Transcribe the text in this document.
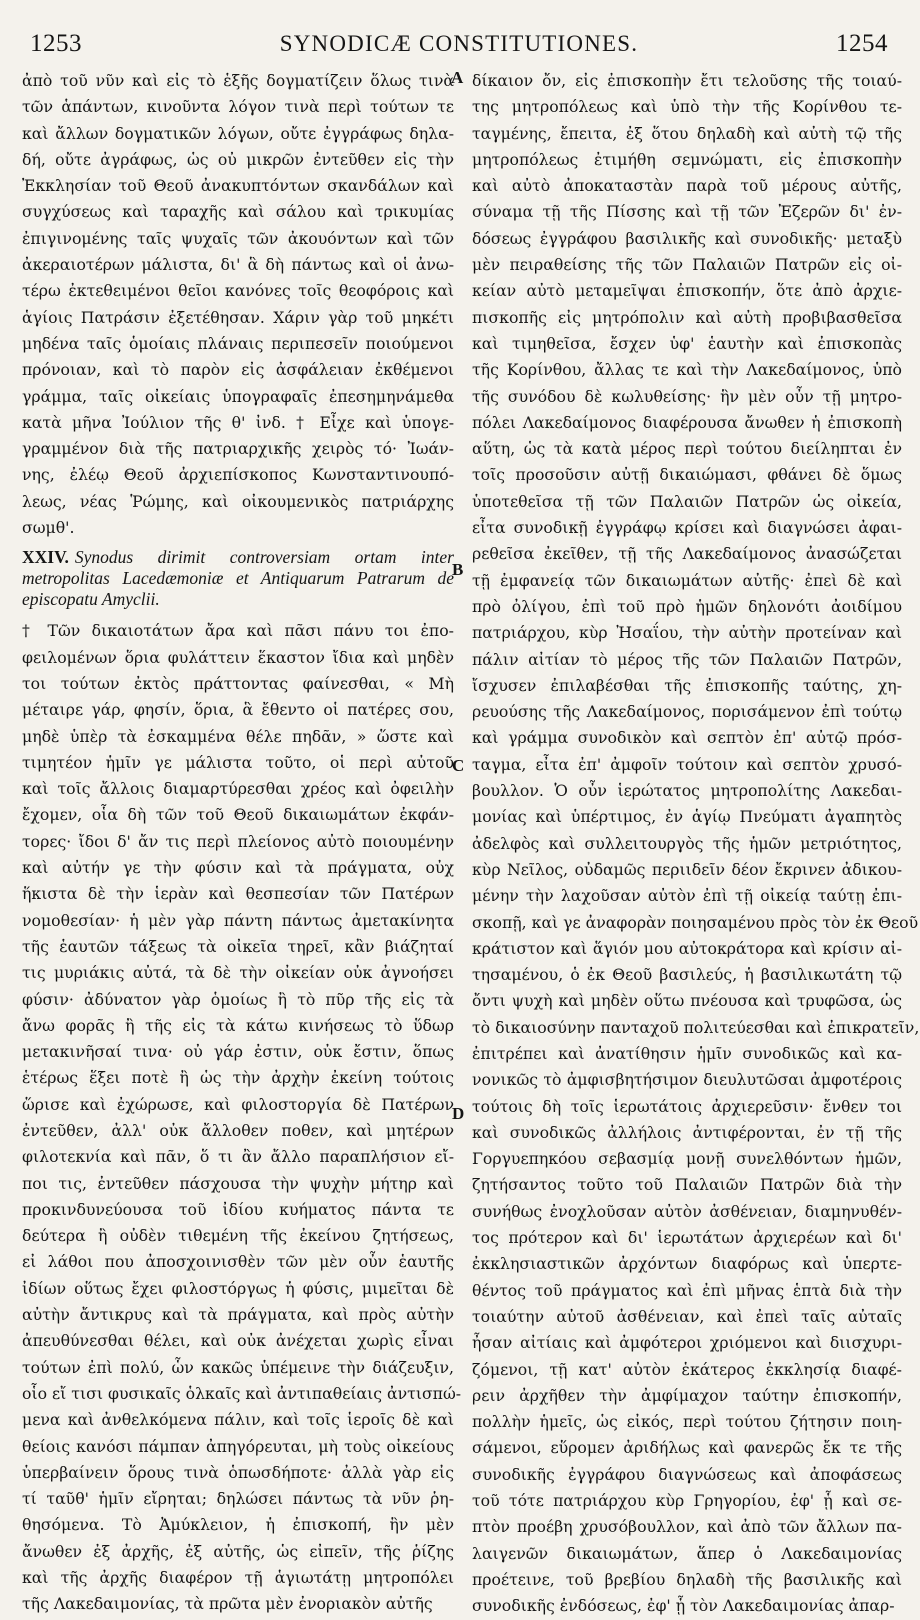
1253	SYNODICÆ CONSTITUTIONES.	1254
ἀπὸ τοῦ νῦν καὶ εἰς τὸ ἑξῆς δογματίζειν ὅλως τινὰ
τῶν ἁπάντων, κινοῦντα λόγον τινὰ περὶ τούτων τε
καὶ ἄλλων δογματικῶν λόγων, οὔτε ἐγγράφως δηλα-
δή, οὔτε ἀγράφως, ὡς οὐ μικρῶν ἐντεῦθεν εἰς τὴν
Ἐκκλησίαν τοῦ Θεοῦ ἀνακυπτόντων σκανδάλων καὶ
συγχύσεως καὶ ταραχῆς καὶ σάλου καὶ τρικυμίας
ἐπιγινομένης ταῖς ψυχαῖς τῶν ἀκουόντων καὶ τῶν
ἀκεραιοτέρων μάλιστα, δι' ἃ δὴ πάντως καὶ οἱ ἀνω-
τέρω ἐκτεθειμένοι θεῖοι κανόνες τοῖς θεοφόροις καὶ
ἁγίοις Πατράσιν ἐξετέθησαν. Χάριν γὰρ τοῦ μηκέτι
μηδένα ταῖς ὁμοίαις πλάναις περιπεσεῖν ποιούμενοι
πρόνοιαν, καὶ τὸ παρὸν εἰς ἀσφάλειαν ἐκθέμενοι
γράμμα, ταῖς οἰκείαις ὑπογραφαῖς ἐπεσημηνάμεθα
κατὰ μῆνα Ἰούλιον τῆς θ' ἰνδ. † Εἶχε καὶ ὑπογε-
γραμμένον διὰ τῆς πατριαρχικῆς χειρὸς τό· Ἰωάν-
νης, ἐλέῳ Θεοῦ ἀρχιεπίσκοπος Κωνσταντινουπό-
λεως, νέας Ῥώμης, καὶ οἰκουμενικὸς πατριάρχης
σωμθ'.
XXIV. Synodus dirimit controversiam ortam inter metropolitas Lacedæmoniæ et Antiquarum Patrarum de episcopatu Amyclii.
† Τῶν δικαιοτάτων ἄρα καὶ πᾶσι πάνυ τοι ἐπο-
φειλομένων ὅρια φυλάττειν ἕκαστον ἴδια καὶ μηδὲν
τοι τούτων ἐκτὸς πράττοντας φαίνεσθαι, « Μὴ
μέταιρε γάρ, φησίν, ὅρια, ἃ ἔθεντο οἱ πατέρες σου,
μηδὲ ὑπὲρ τὰ ἐσκαμμένα θέλε πηδᾶν, » ὥστε καὶ
τιμητέον ἡμῖν γε μάλιστα τοῦτο, οἱ περὶ αὐτοῦ
καὶ τοῖς ἄλλοις διαμαρτύρεσθαι χρέος καὶ ὀφειλὴν
ἔχομεν, οἷα δὴ τῶν τοῦ Θεοῦ δικαιωμάτων ἐκφάν-
τορες· ἴδοι δ' ἄν τις περὶ πλείονος αὐτὸ ποιουμένην
καὶ αὐτήν γε τὴν φύσιν καὶ τὰ πράγματα, οὐχ
ἥκιστα δὲ τὴν ἱερὰν καὶ θεσπεσίαν τῶν Πατέρων
νομοθεσίαν· ἡ μὲν γὰρ πάντη πάντως ἀμετακίνητα
τῆς ἑαυτῶν τάξεως τὰ οἰκεῖα τηρεῖ, κἂν βιάζηταί
τις μυριάκις αὐτά, τὰ δὲ τὴν οἰκείαν οὐκ ἀγνοήσει
φύσιν· ἀδύνατον γὰρ ὁμοίως ἢ τὸ πῦρ τῆς εἰς τὰ
ἄνω φορᾶς ἢ τῆς εἰς τὰ κάτω κινήσεως τὸ ὕδωρ
μετακινῆσαί τινα· οὐ γάρ ἐστιν, οὐκ ἔστιν, ὅπως
ἑτέρως ἕξει ποτὲ ἢ ὡς τὴν ἀρχὴν ἐκείνη τούτοις
ὥρισε καὶ ἐχώρωσε, καὶ φιλοστοργία δὲ Πατέρων
ἐντεῦθεν, ἀλλ' οὐκ ἄλλοθεν ποθεν, καὶ μητέρων
φιλοτεκνία καὶ πᾶν, ὅ τι ἂν ἄλλο παραπλήσιον εἴ-
ποι τις, ἐντεῦθεν πάσχουσα τὴν ψυχὴν μήτηρ καὶ
προκινδυνεύουσα τοῦ ἰδίου κυήματος πάντα τε
δεύτερα ἢ οὐδὲν τιθεμένη τῆς ἐκείνου ζητήσεως,
εἰ λάθοι που ἀποσχοινισθὲν τῶν μὲν οὖν ἑαυτῆς
ἰδίων οὕτως ἔχει φιλοστόργως ἡ φύσις, μιμεῖται δὲ
αὐτὴν ἄντικρυς καὶ τὰ πράγματα, καὶ πρὸς αὐτὴν
ἀπευθύνεσθαι θέλει, καὶ οὐκ ἀνέχεται χωρὶς εἶναι
τούτων ἐπὶ πολύ, ὧν κακῶς ὑπέμεινε τὴν διάζευξιν,
οἷο εἴ τισι φυσικαῖς ὁλκαῖς καὶ ἀντιπαθείαις ἀντισπώ-
μενα καὶ ἀνθελκόμενα πάλιν, καὶ τοῖς ἱεροῖς δὲ καὶ
θείοις κανόσι πάμπαν ἀπηγόρευται, μὴ τοὺς οἰκείους
ὑπερβαίνειν ὅρους τινὰ ὁπωσδήποτε· ἀλλὰ γὰρ εἰς
τί ταῦθ' ἡμῖν εἴρηται; δηλώσει πάντως τὰ νῦν ῥη-
θησόμενα. Τὸ Ἀμύκλειον, ἡ ἐπισκοπή, ἣν μὲν
ἄνωθεν ἐξ ἀρχῆς, ἐξ αὐτῆς, ὡς εἰπεῖν, τῆς ῥίζης
καὶ τῆς ἀρχῆς διαφέρον τῇ ἁγιωτάτῃ μητροπόλει
τῆς Λακεδαιμονίας, τὰ πρῶτα μὲν ἐνοριακὸν αὐτῆς
δίκαιον ὄν, εἰς ἐπισκοπὴν ἔτι τελοῦσης τῆς τοιαύ-
της μητροπόλεως καὶ ὑπὸ τὴν τῆς Κορίνθου τε-
ταγμένης, ἔπειτα, ἐξ ὅτου δηλαδὴ καὶ αὐτὴ τῷ τῆς
μητροπόλεως ἐτιμήθη σεμνώματι, εἰς ἐπισκοπὴν
καὶ αὐτὸ ἀποκαταστὰν παρὰ τοῦ μέρους αὐτῆς,
σύναμα τῇ τῆς Πίσσης καὶ τῇ τῶν Ἐζερῶν δι' ἐν-
δόσεως ἐγγράφου βασιλικῆς καὶ συνοδικῆς· μεταξὺ
μὲν πειραθείσης τῆς τῶν Παλαιῶν Πατρῶν εἰς οἰ-
κείαν αὐτὸ μεταμεῖψαι ἐπισκοπήν, ὅτε ἀπὸ ἀρχιε-
πισκοπῆς εἰς μητρόπολιν καὶ αὐτὴ προβιβασθεῖσα
καὶ τιμηθεῖσα, ἔσχεν ὑφ' ἑαυτὴν καὶ ἐπισκοπὰς
τῆς Κορίνθου, ἄλλας τε καὶ τὴν Λακεδαίμονος, ὑπὸ
τῆς συνόδου δὲ κωλυθείσης· ἣν μὲν οὖν τῇ μητρο-
πόλει Λακεδαίμονος διαφέρουσα ἄνωθεν ἡ ἐπισκοπὴ
αὕτη, ὡς τὰ κατὰ μέρος περὶ τούτου διείληπται ἐν
τοῖς προσοῦσιν αὐτῇ δικαιώμασι, φθάνει δὲ ὅμως
ὑποτεθεῖσα τῇ τῶν Παλαιῶν Πατρῶν ὡς οἰκεία,
εἶτα συνοδικῇ ἐγγράφῳ κρίσει καὶ διαγνώσει ἀφαι-
ρεθεῖσα ἐκεῖθεν, τῇ τῆς Λακεδαίμονος ἀνασώζεται
τῇ ἐμφανείᾳ τῶν δικαιωμάτων αὐτῆς· ἐπεὶ δὲ καὶ
πρὸ ὀλίγου, ἐπὶ τοῦ πρὸ ἡμῶν δηλονότι ἀοιδίμου
πατριάρχου, κὺρ Ἠσαΐου, τὴν αὐτὴν προτείναν καὶ
πάλιν αἰτίαν τὸ μέρος τῆς τῶν Παλαιῶν Πατρῶν,
ἴσχυσεν ἐπιλαβέσθαι τῆς ἐπισκοπῆς ταύτης, χη-
ρευούσης τῆς Λακεδαίμονος, πορισάμενον ἐπὶ τούτῳ
καὶ γράμμα συνοδικὸν καὶ σεπτὸν ἐπ' αὐτῷ πρόσ-
ταγμα, εἶτα ἐπ' ἀμφοῖν τούτοιν καὶ σεπτὸν χρυσό-
βουλλον. Ὁ οὖν ἱερώτατος μητροπολίτης Λακεδαι-
μονίας καὶ ὑπέρτιμος, ἐν ἁγίῳ Πνεύματι ἀγαπητὸς
ἀδελφὸς καὶ συλλειτουργὸς τῆς ἡμῶν μετριότητος,
κὺρ Νεῖλος, οὐδαμῶς περιιδεῖν δέον ἔκρινεν ἀδικου-
μένην τὴν λαχοῦσαν αὐτὸν ἐπὶ τῇ οἰκείᾳ ταύτῃ ἐπι-
σκοπῇ, καὶ γε ἀναφορὰν ποιησαμένου πρὸς τὸν ἐκ Θεοῦ
κράτιστον καὶ ἅγιόν μου αὐτοκράτορα καὶ κρίσιν αἰ-
τησαμένου, ὁ ἐκ Θεοῦ βασιλεύς, ἡ βασιλικωτάτη τῷ
ὄντι ψυχὴ καὶ μηδὲν οὕτω πνέουσα καὶ τρυφῶσα, ὡς
τὸ δικαιοσύνην πανταχοῦ πολιτεύεσθαι καὶ ἐπικρατεῖν,
ἐπιτρέπει καὶ ἀνατίθησιν ἡμῖν συνοδικῶς καὶ κα-
νονικῶς τὸ ἀμφισβητήσιμον διευλυτῶσαι ἀμφοτέροις
τούτοις δὴ τοῖς ἱερωτάτοις ἀρχιερεῦσιν· ἔνθεν τοι
καὶ συνοδικῶς ἀλλήλοις ἀντιφέρονται, ἐν τῇ τῆς
Γοργυεπηκόου σεβασμίᾳ μονῇ συνελθόντων ἡμῶν,
ζητήσαντος τοῦτο τοῦ Παλαιῶν Πατρῶν διὰ τὴν
συνήθως ἐνοχλοῦσαν αὐτὸν ἀσθένειαν, διαμηνυθέν-
τος πρότερον καὶ δι' ἱερωτάτων ἀρχιερέων καὶ δι'
ἐκκλησιαστικῶν ἀρχόντων διαφόρως καὶ ὑπερτε-
θέντος τοῦ πράγματος καὶ ἐπὶ μῆνας ἑπτὰ διὰ τὴν
τοιαύτην αὐτοῦ ἀσθένειαν, καὶ ἐπεὶ ταῖς αὐταῖς
ἦσαν αἰτίαις καὶ ἀμφότεροι χριόμενοι καὶ διισχυρι-
ζόμενοι, τῇ κατ' αὐτὸν ἑκάτερος ἐκκλησίᾳ διαφέ-
ρειν ἀρχῆθεν τὴν ἀμφίμαχον ταύτην ἐπισκοπήν,
πολλὴν ἡμεῖς, ὡς εἰκός, περὶ τούτου ζήτησιν ποιη-
σάμενοι, εὕρομεν ἀριδήλως καὶ φανερῶς ἔκ τε τῆς
συνοδικῆς ἐγγράφου διαγνώσεως καὶ ἀποφάσεως
τοῦ τότε πατριάρχου κὺρ Γρηγορίου, ἐφ' ᾗ καὶ σε-
πτὸν προέβη χρυσόβουλλον, καὶ ἀπὸ τῶν ἄλλων πα-
λαιγενῶν δικαιωμάτων, ἅπερ ὁ Λακεδαιμονίας
προέτεινε, τοῦ βρεβίου δηλαδὴ τῆς βασιλικῆς καὶ
συνοδικῆς ἐνδόσεως, ἐφ' ᾗ τὸν Λακεδαιμονίας ἀπαρ-
A
B
C
D
